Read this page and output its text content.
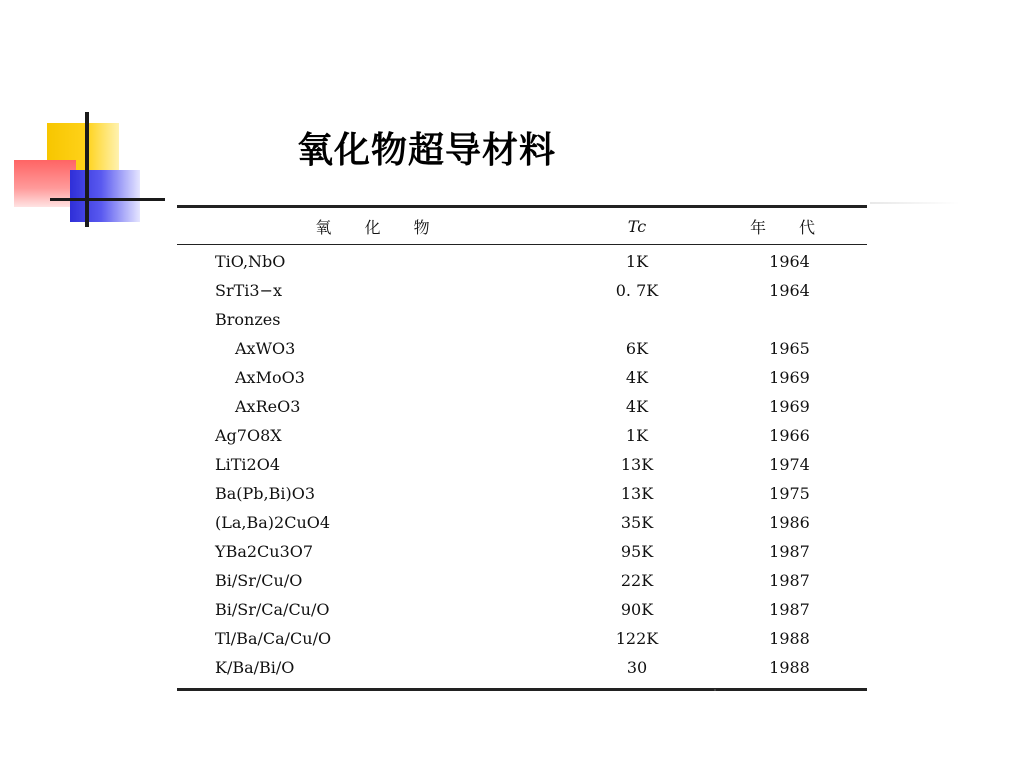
氧化物超导材料
氧 化 物	Tc	年 代
TiO,NbO	1K	1964
SrTi3−x	0. 7K	1964
Bronzes
AxWO3	6K	1965
AxMoO3	4K	1969
AxReO3	4K	1969
Ag7O8X	1K	1966
LiTi2O4	13K	1974
Ba(Pb,Bi)O3	13K	1975
(La,Ba)2CuO4	35K	1986
YBa2Cu3O7	95K	1987
Bi/Sr/Cu/O	22K	1987
Bi/Sr/Ca/Cu/O	90K	1987
Tl/Ba/Ca/Cu/O	122K	1988
K/Ba/Bi/O	30	1988
